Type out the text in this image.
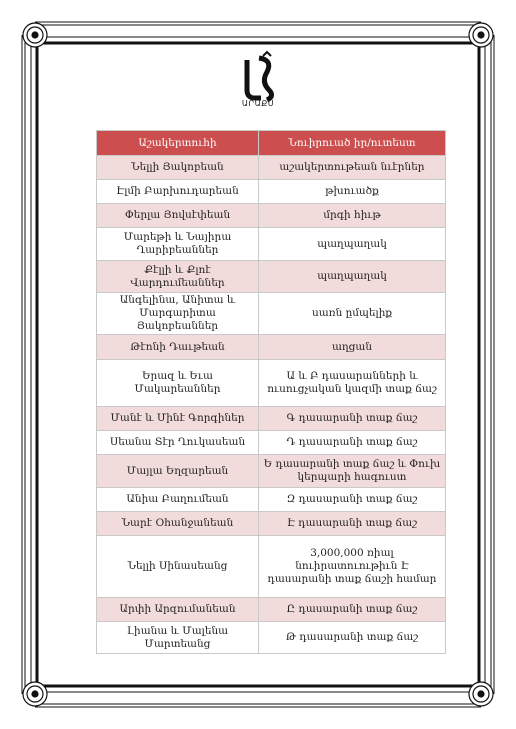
ԱՐԱՔՍ
Աշակերտուհի	Նուիրուած իր/ուտեստ
Նելլի Յակոբեան	աշակերտութեան նւէրներ
Էլմի Բարխուդարեան	թխուածք
Փերլա Յովսէփեան	մրգի հիւթ
Մարեթի և Նայիրա Ղարիբեաններ	պաղպաղակ
Քէլլի և Քլոէ Վարդումեաններ	պաղպաղակ
Անգելինա, Անիտա և Մարգարիտա Յակոբեաններ	սառն ըմպելիք
Թէոնի Դաւթեան	աղցան
Երազ և Եւա Մակարեաններ	Ա և Բ դասարանների և ուսուցչական կազմի տաք ճաշ
Մանէ և Մինէ Գորգիներ	Գ դասարանի տաք ճաշ
Սեանա Տէր Ղուկասեան	Դ դասարանի տաք ճաշ
Մայլա Եղզարեան	Ե դասարանի տաք ճաշ և Փուխ կերպարի հագուստ
Անիա Բաղումեան	Զ դասարանի տաք ճաշ
Նարէ Օհանջանեան	Է դասարանի տաք ճաշ
Նելլի Սինասեանց	3,000,000 ռիալ նուիրատուութիւն Է դասարանի տաք ճաշի համար
Արփի Արզումանեան	Ը դասարանի տաք ճաշ
Լիանա և Մալենա Մարտեանց	Թ դասարանի տաք ճաշ
